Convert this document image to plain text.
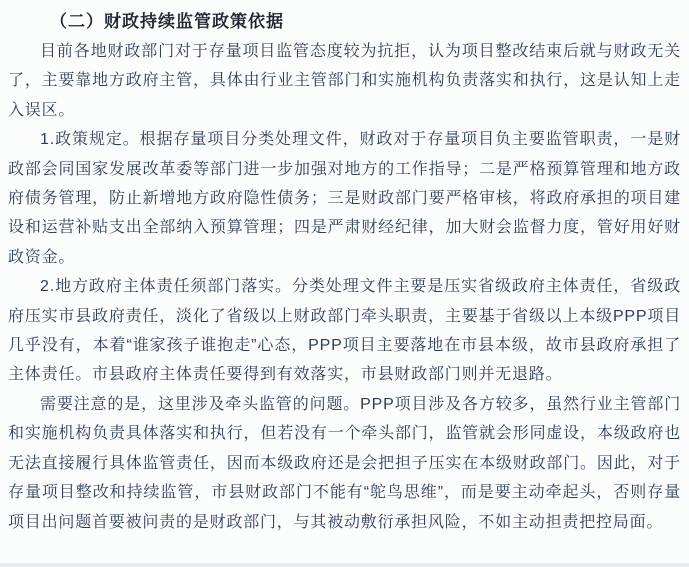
（二）财政持续监管政策依据

目前各地财政部门对于存量项目监管态度较为抗拒，认为项目整改结束后就与财政无关了，主要靠地方政府主管，具体由行业主管部门和实施机构负责落实和执行，这是认知上走入误区。

1.政策规定。根据存量项目分类处理文件，财政对于存量项目负主要监管职责，一是财政部会同国家发展改革委等部门进一步加强对地方的工作指导；二是严格预算管理和地方政府债务管理，防止新增地方政府隐性债务；三是财政部门要严格审核，将政府承担的项目建设和运营补贴支出全部纳入预算管理；四是严肃财经纪律，加大财会监督力度，管好用好财政资金。

2.地方政府主体责任须部门落实。分类处理文件主要是压实省级政府主体责任，省级政府压实市县政府责任，淡化了省级以上财政部门牵头职责，主要基于省级以上本级PPP项目几乎没有，本着“谁家孩子谁抱走”心态，PPP项目主要落地在市县本级，故市县政府承担了主体责任。市县政府主体责任要得到有效落实，市县财政部门则并无退路。

需要注意的是，这里涉及牵头监管的问题。PPP项目涉及各方较多，虽然行业主管部门和实施机构负责具体落实和执行，但若没有一个牵头部门，监管就会形同虚设，本级政府也无法直接履行具体监管责任，因而本级政府还是会把担子压实在本级财政部门。因此，对于存量项目整改和持续监管，市县财政部门不能有“鸵鸟思维”，而是要主动牵起头，否则存量项目出问题首要被问责的是财政部门，与其被动敷衍承担风险，不如主动担责把控局面。
